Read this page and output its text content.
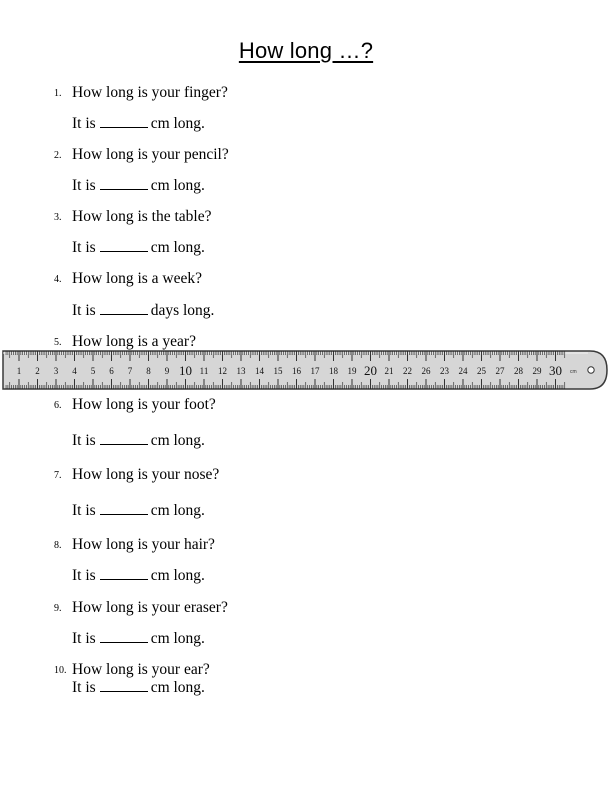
How long …?
1. How long is your finger?
It is	cm long.
2. How long is your pencil?
It is	cm long.
3. How long is the table?
It is	cm long.
4. How long is a week?
It is	days long.
5. How long is a year?
1 2 3 4 5 6 7 8 9 10 11 12 13 14 15 16 17 18 19 20 21 22 26 23 24 25 27 28 29 30 cm
6. How long is your foot?
It is	cm long.
7. How long is your nose?
It is	cm long.
8. How long is your hair?
It is	cm long.
9. How long is your eraser?
It is	cm long.
10. How long is your ear?
It is	cm long.
